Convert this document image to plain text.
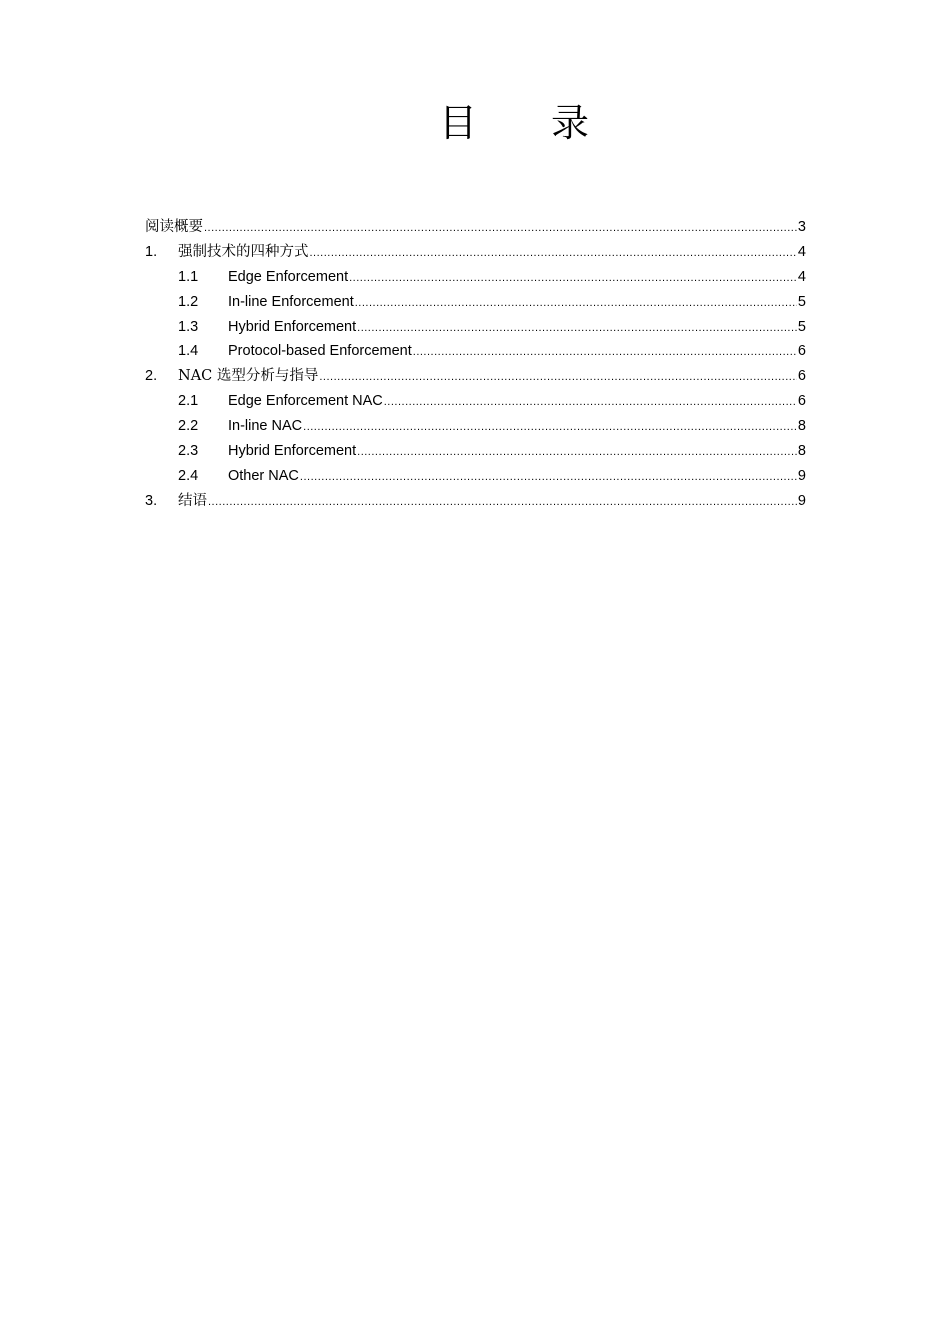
目 录
阅读概要 .....	3
1.	强制技术的四种方式 .....	4
1.1	Edge Enforcement .....	4
1.2	In-line Enforcement .....	5
1.3	Hybrid Enforcement .....	5
1.4	Protocol-based Enforcement .....	6
2.	NAC 选型分析与指导 .....	6
2.1	Edge Enforcement NAC .....	6
2.2	In-line NAC .....	8
2.3	Hybrid Enforcement .....	8
2.4	Other NAC .....	9
3.	结语 .....	9
